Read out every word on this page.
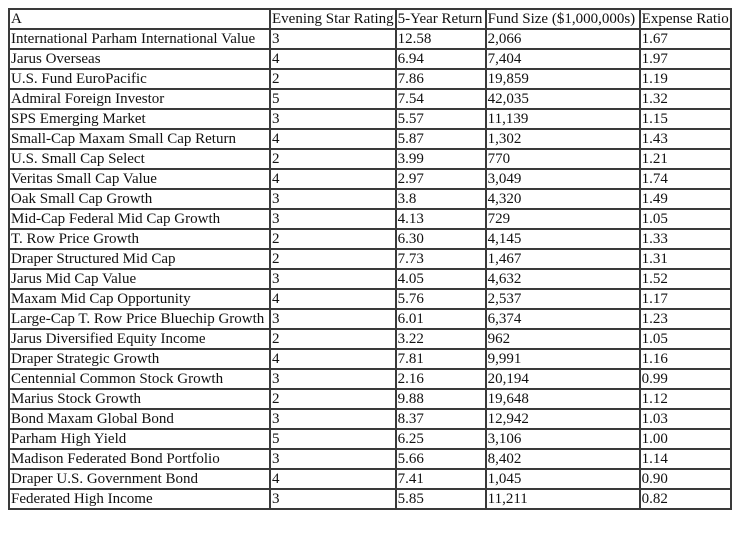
A	Evening Star Rating	5-Year Return	Fund Size ($1,000,000s)	Expense Ratio
International Parham International Value	3	12.58	2,066	1.67
Jarus Overseas	4	6.94	7,404	1.97
U.S. Fund EuroPacific	2	7.86	19,859	1.19
Admiral Foreign Investor	5	7.54	42,035	1.32
SPS Emerging Market	3	5.57	11,139	1.15
Small-Cap Maxam Small Cap Return	4	5.87	1,302	1.43
U.S. Small Cap Select	2	3.99	770	1.21
Veritas Small Cap Value	4	2.97	3,049	1.74
Oak Small Cap Growth	3	3.8	4,320	1.49
Mid-Cap Federal Mid Cap Growth	3	4.13	729	1.05
T. Row Price Growth	2	6.30	4,145	1.33
Draper Structured Mid Cap	2	7.73	1,467	1.31
Jarus Mid Cap Value	3	4.05	4,632	1.52
Maxam Mid Cap Opportunity	4	5.76	2,537	1.17
Large-Cap T. Row Price Bluechip Growth	3	6.01	6,374	1.23
Jarus Diversified Equity Income	2	3.22	962	1.05
Draper Strategic Growth	4	7.81	9,991	1.16
Centennial Common Stock Growth	3	2.16	20,194	0.99
Marius Stock Growth	2	9.88	19,648	1.12
Bond Maxam Global Bond	3	8.37	12,942	1.03
Parham High Yield	5	6.25	3,106	1.00
Madison Federated Bond Portfolio	3	5.66	8,402	1.14
Draper U.S. Government Bond	4	7.41	1,045	0.90
Federated High Income	3	5.85	11,211	0.82
